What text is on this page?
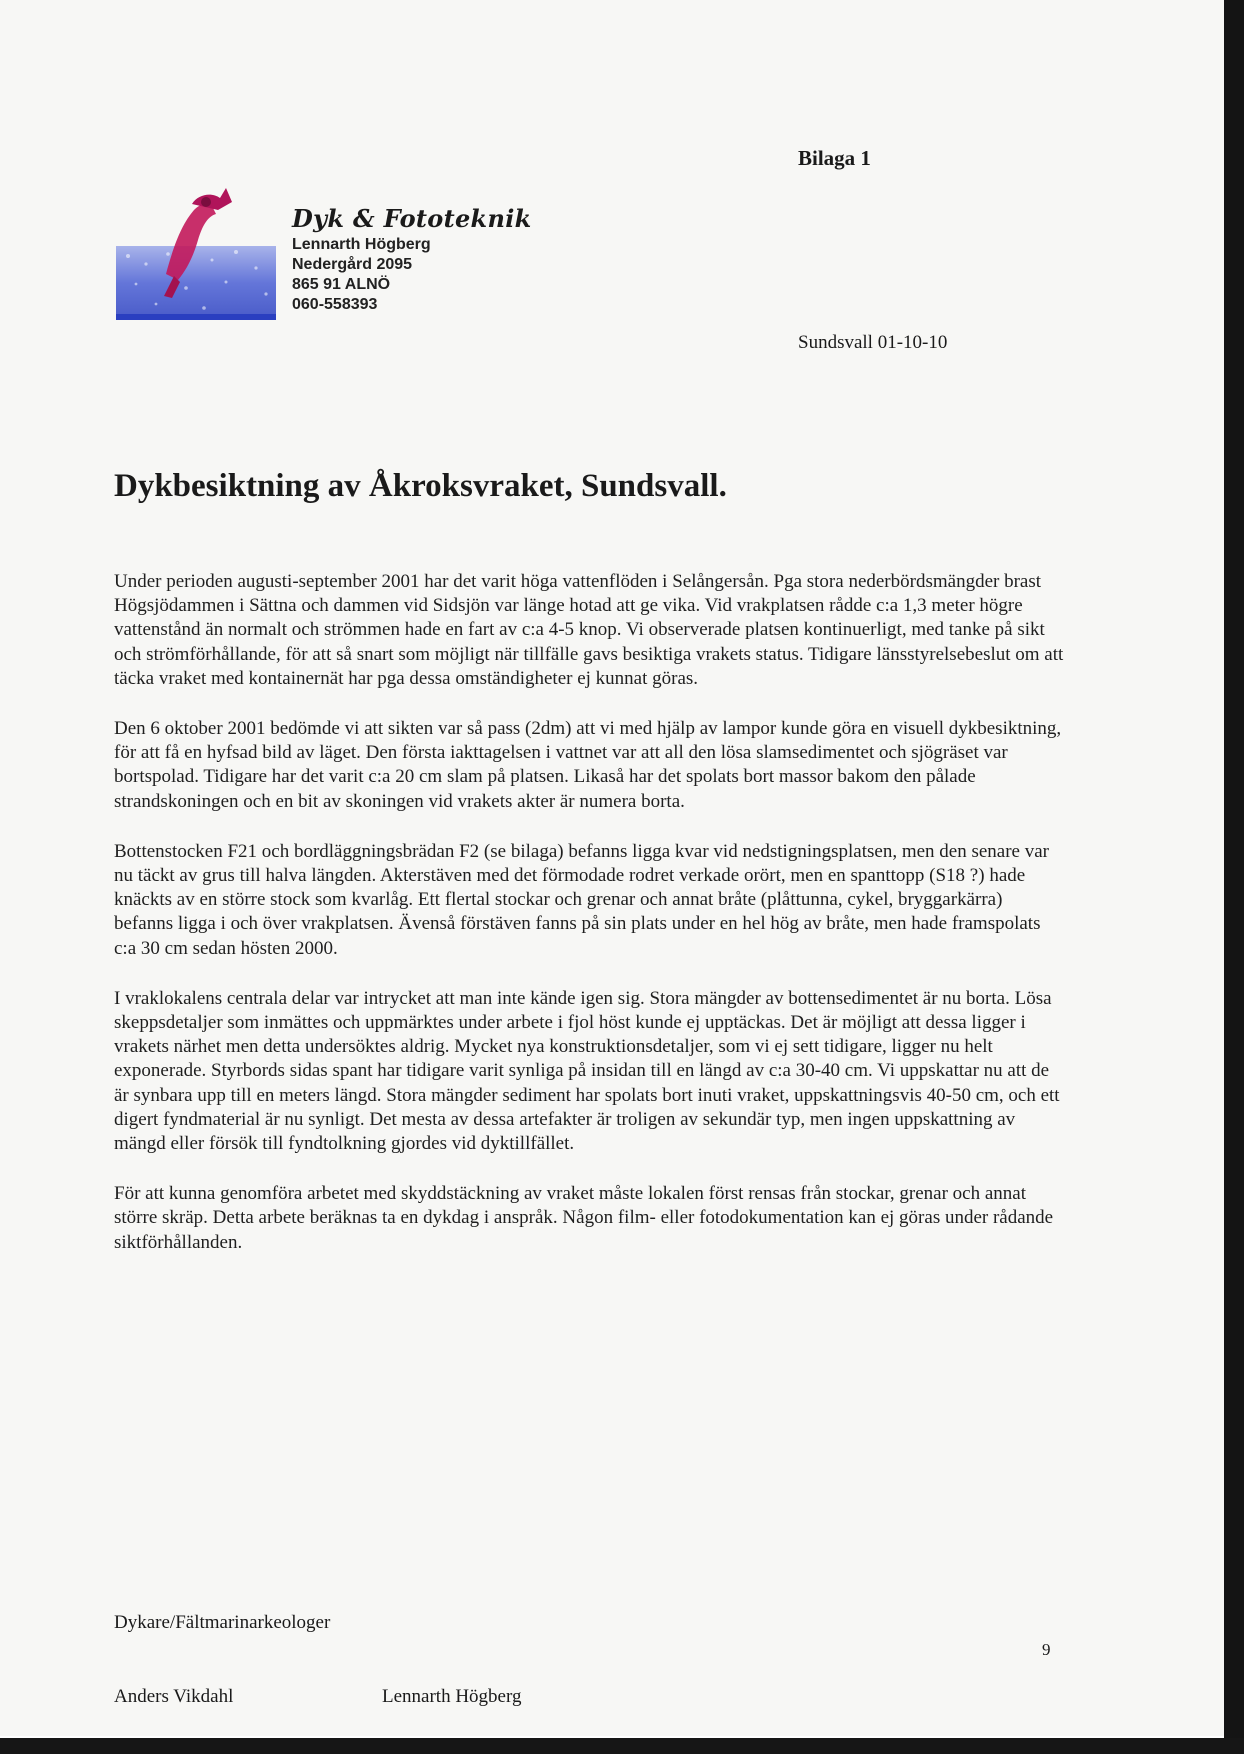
Bilaga 1
Dyk & Fototeknik
Lennarth Högberg
Nedergård 2095
865 91 ALNÖ
060-558393
Sundsvall 01-10-10
Dykbesiktning av Åkroksvraket, Sundsvall.

Under perioden augusti-september 2001 har det varit höga vattenflöden i Selångersån. Pga stora nederbördsmängder brast Högsjödammen i Sättna och dammen vid Sidsjön var länge hotad att ge vika. Vid vrakplatsen rådde c:a 1,3 meter högre vattenstånd än normalt och strömmen hade en fart av c:a 4-5 knop. Vi observerade platsen kontinuerligt, med tanke på sikt och strömförhållande, för att så snart som möjligt när tillfälle gavs besiktiga vrakets status. Tidigare länsstyrelsebeslut om att täcka vraket med kontainernät har pga dessa omständigheter ej kunnat göras.

Den 6 oktober 2001 bedömde vi att sikten var så pass (2dm) att vi med hjälp av lampor kunde göra en visuell dykbesiktning, för att få en hyfsad bild av läget. Den första iakttagelsen i vattnet var att all den lösa slamsedimentet och sjögräset var bortspolad. Tidigare har det varit c:a 20 cm slam på platsen. Likaså har det spolats bort massor bakom den pålade strandskoningen och en bit av skoningen vid vrakets akter är numera borta.

Bottenstocken F21 och bordläggningsbrädan F2 (se bilaga) befanns ligga kvar vid nedstigningsplatsen, men den senare var nu täckt av grus till halva längden. Akterstäven med det förmodade rodret verkade orört, men en spanttopp (S18 ?) hade knäckts av en större stock som kvarlåg. Ett flertal stockar och grenar och annat bråte (plåttunna, cykel, bryggarkärra) befanns ligga i och över vrakplatsen. Ävenså förstäven fanns på sin plats under en hel hög av bråte, men hade framspolats c:a 30 cm sedan hösten 2000.

I vraklokalens centrala delar var intrycket att man inte kände igen sig. Stora mängder av bottensedimentet är nu borta. Lösa skeppsdetaljer som inmättes och uppmärktes under arbete i fjol höst kunde ej upptäckas. Det är möjligt att dessa ligger i vrakets närhet men detta undersöktes aldrig. Mycket nya konstruktionsdetaljer, som vi ej sett tidigare, ligger nu helt exponerade. Styrbords sidas spant har tidigare varit synliga på insidan till en längd av c:a 30-40 cm. Vi uppskattar nu att de är synbara upp till en meters längd. Stora mängder sediment har spolats bort inuti vraket, uppskattningsvis 40-50 cm, och ett digert fyndmaterial är nu synligt. Det mesta av dessa artefakter är troligen av sekundär typ, men ingen uppskattning av mängd eller försök till fyndtolkning gjordes vid dyktillfället.

För att kunna genomföra arbetet med skyddstäckning av vraket måste lokalen först rensas från stockar, grenar och annat större skräp. Detta arbete beräknas ta en dykdag i anspråk. Någon film- eller fotodokumentation kan ej göras under rådande siktförhållanden.

Dykare/Fältmarinarkeologer
Anders Vikdahl	Lennarth Högberg
9
